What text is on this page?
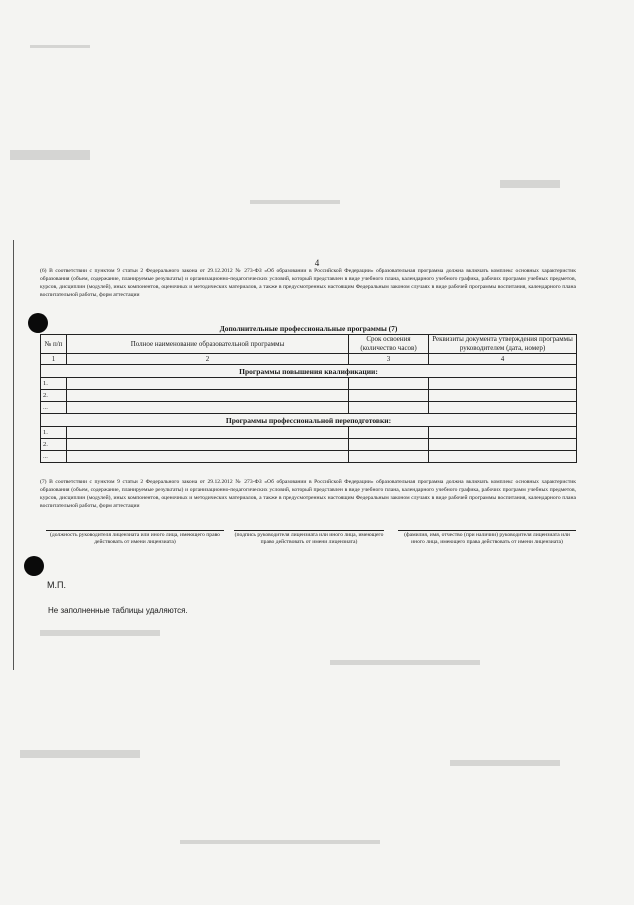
4
(6) В соответствии с пунктом 9 статьи 2 Федерального закона от 29.12.2012 № 273-ФЗ «Об образовании в Российской Федерации» образовательная программа должна включать комплекс основных характеристик образования (объем, содержание, планируемые результаты) и организационно-педагогических условий, который представлен в виде учебного плана, календарного учебного графика, рабочих программ учебных предметов, курсов, дисциплин (модулей), иных компонентов, оценочных и методических материалов, а также в предусмотренных настоящим Федеральным законом случаях в виде рабочей программы воспитания, календарного плана воспитательной работы, форм аттестации
Дополнительные профессиональные программы (7)
№ п/п	Полное наименование образовательной программы	Срок освоения (количество часов)	Реквизиты документа утверждения программы руководителем (дата, номер)
1	2	3	4
Программы повышения квалификации:			
1.			
2.			
...			
Программы профессиональной переподготовки:			
1.			
2.			
...			
(7) В соответствии с пунктом 9 статьи 2 Федерального закона от 29.12.2012 № 273-ФЗ «Об образовании в Российской Федерации» образовательная программа должна включать комплекс основных характеристик образования (объем, содержание, планируемые результаты) и организационно-педагогических условий, который представлен в виде учебного плана, календарного учебного графика, рабочих программ учебных предметов, курсов, дисциплин (модулей), иных компонентов, оценочных и методических материалов, а также в предусмотренных настоящим Федеральным законом случаях в виде рабочей программы воспитания, календарного плана воспитательной работы, форм аттестации
(должность руководителя лицензиата или иного лица, имеющего право действовать от имени лицензиата)
(подпись руководителя лицензиата или иного лица, имеющего право действовать от имени лицензиата)
(фамилия, имя, отчество (при наличии) руководителя лицензиата или иного лица, имеющего права действовать от имени лицензиата)
М.П.
Не заполненные таблицы удаляются.
